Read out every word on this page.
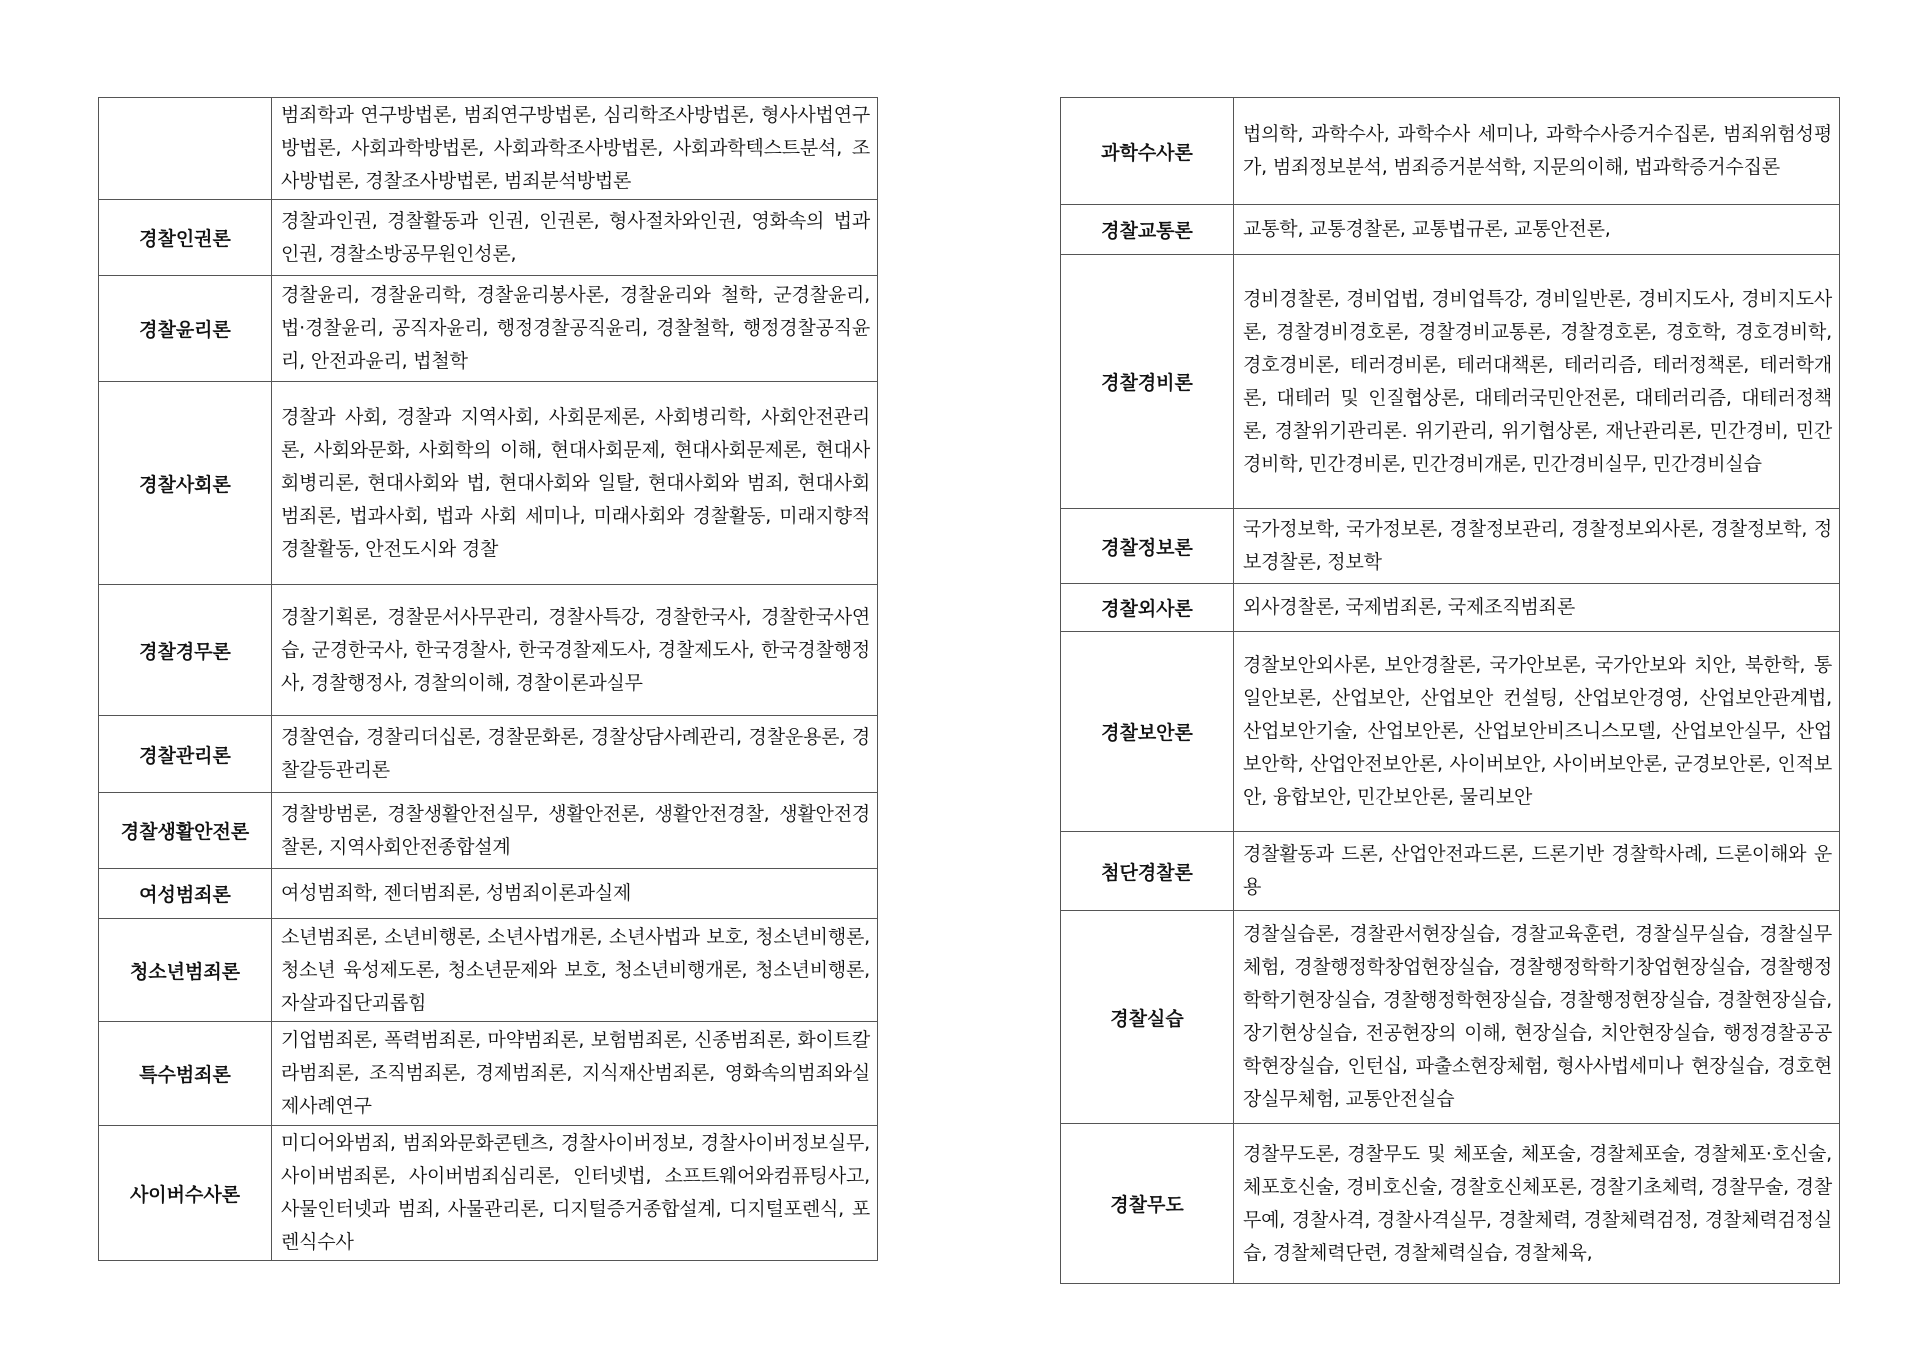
	범죄학과 연구방법론, 범죄연구방법론, 심리학조사방법론, 형사사법연구방법론, 사회과학방법론, 사회과학조사방법론, 사회과학텍스트분석, 조사방법론, 경찰조사방법론, 범죄분석방법론
경찰인권론	경찰과인권, 경찰활동과 인권, 인권론, 형사절차와인권, 영화속의 법과 인권, 경찰소방공무원인성론,
경찰윤리론	경찰윤리, 경찰윤리학, 경찰윤리봉사론, 경찰윤리와 철학, 군경찰윤리, 법·경찰윤리, 공직자윤리, 행정경찰공직윤리, 경찰철학, 행정경찰공직윤리, 안전과윤리, 법철학
경찰사회론	경찰과 사회, 경찰과 지역사회, 사회문제론, 사회병리학, 사회안전관리론, 사회와문화, 사회학의 이해, 현대사회문제, 현대사회문제론, 현대사회병리론, 현대사회와 법, 현대사회와 일탈, 현대사회와 범죄, 현대사회범죄론, 법과사회, 법과 사회 세미나, 미래사회와 경찰활동, 미래지향적 경찰활동, 안전도시와 경찰
경찰경무론	경찰기획론, 경찰문서사무관리, 경찰사특강, 경찰한국사, 경찰한국사연습, 군경한국사, 한국경찰사, 한국경찰제도사, 경찰제도사, 한국경찰행정사, 경찰행정사, 경찰의이해, 경찰이론과실무
경찰관리론	경찰연습, 경찰리더십론, 경찰문화론, 경찰상담사례관리, 경찰운용론, 경찰갈등관리론
경찰생활안전론	경찰방범론, 경찰생활안전실무, 생활안전론, 생활안전경찰, 생활안전경찰론, 지역사회안전종합설계
여성범죄론	여성범죄학, 젠더범죄론, 성범죄이론과실제
청소년범죄론	소년범죄론, 소년비행론, 소년사법개론, 소년사법과 보호, 청소년비행론, 청소년 육성제도론, 청소년문제와 보호, 청소년비행개론, 청소년비행론, 자살과집단괴롭힘
특수범죄론	기업범죄론, 폭력범죄론, 마약범죄론, 보험범죄론, 신종범죄론, 화이트칼라범죄론, 조직범죄론, 경제범죄론, 지식재산범죄론, 영화속의범죄와실제사례연구
사이버수사론	미디어와범죄, 범죄와문화콘텐츠, 경찰사이버정보, 경찰사이버정보실무, 사이버범죄론, 사이버범죄심리론, 인터넷법, 소프트웨어와컴퓨팅사고, 사물인터넷과 범죄, 사물관리론, 디지털증거종합설계, 디지털포렌식, 포렌식수사
과학수사론	법의학, 과학수사, 과학수사 세미나, 과학수사증거수집론, 범죄위험성평가, 범죄정보분석, 범죄증거분석학, 지문의이해, 법과학증거수집론
경찰교통론	교통학, 교통경찰론, 교통법규론, 교통안전론,
경찰경비론	경비경찰론, 경비업법, 경비업특강, 경비일반론, 경비지도사, 경비지도사론, 경찰경비경호론, 경찰경비교통론, 경찰경호론, 경호학, 경호경비학, 경호경비론, 테러경비론, 테러대책론, 테러리즘, 테러정책론, 테러학개론, 대테러 및 인질협상론, 대테러국민안전론, 대테러리즘, 대테러정책론, 경찰위기관리론. 위기관리, 위기협상론, 재난관리론, 민간경비, 민간경비학, 민간경비론, 민간경비개론, 민간경비실무, 민간경비실습
경찰정보론	국가정보학, 국가정보론, 경찰정보관리, 경찰정보외사론, 경찰정보학, 정보경찰론, 정보학
경찰외사론	외사경찰론, 국제범죄론, 국제조직범죄론
경찰보안론	경찰보안외사론, 보안경찰론, 국가안보론, 국가안보와 치안, 북한학, 통일안보론, 산업보안, 산업보안 컨설팅, 산업보안경영, 산업보안관계법, 산업보안기술, 산업보안론, 산업보안비즈니스모델, 산업보안실무, 산업보안학, 산업안전보안론, 사이버보안, 사이버보안론, 군경보안론, 인적보안, 융합보안, 민간보안론, 물리보안
첨단경찰론	경찰활동과 드론, 산업안전과드론, 드론기반 경찰학사례, 드론이해와 운용
경찰실습	경찰실습론, 경찰관서현장실습, 경찰교육훈련, 경찰실무실습, 경찰실무체험, 경찰행정학창업현장실습, 경찰행정학학기창업현장실습, 경찰행정학학기현장실습, 경찰행정학현장실습, 경찰행정현장실습, 경찰현장실습, 장기현상실습, 전공현장의 이해, 현장실습, 치안현장실습, 행정경찰공공학현장실습, 인턴십, 파출소현장체험, 형사사법세미나 현장실습, 경호현장실무체험, 교통안전실습
경찰무도	경찰무도론, 경찰무도 및 체포술, 체포술, 경찰체포술, 경찰체포·호신술, 체포호신술, 경비호신술, 경찰호신체포론, 경찰기초체력, 경찰무술, 경찰무예, 경찰사격, 경찰사격실무, 경찰체력, 경찰체력검정, 경찰체력검정실습, 경찰체력단련, 경찰체력실습, 경찰체육,
